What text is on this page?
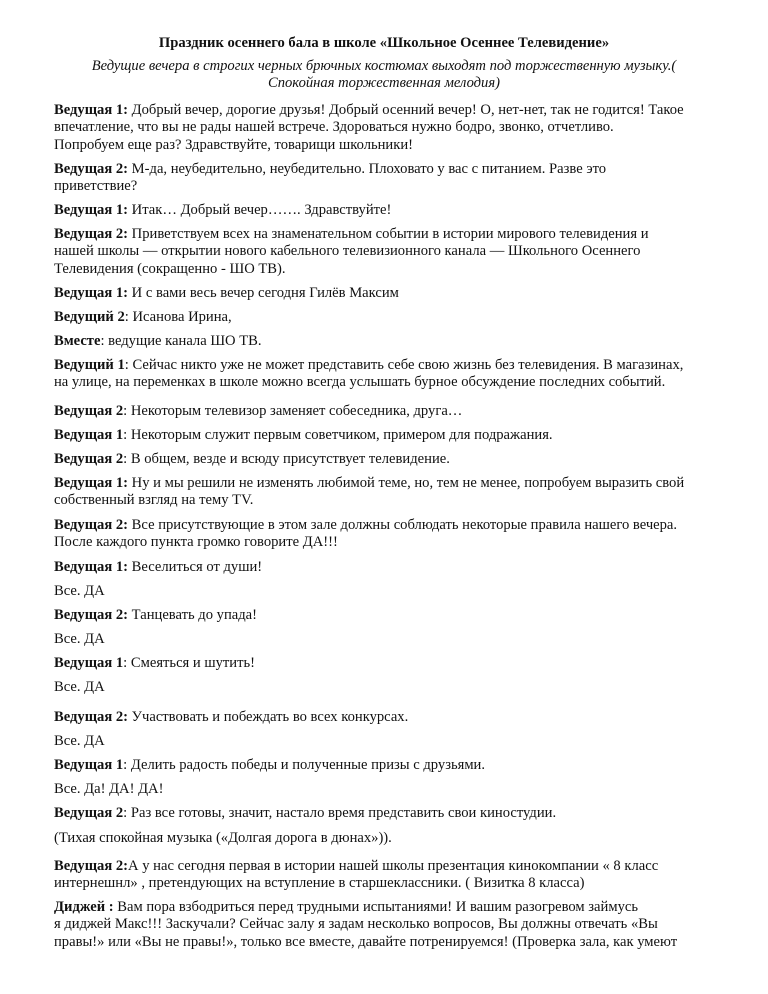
Праздник осеннего бала в школе «Школьное Осеннее Телевидение»
Ведущие вечера в строгих черных брючных костюмах выходят под торжественную музыку.(
Спокойная торжественная мелодия)
Ведущая 1: Добрый вечер, дорогие друзья! Добрый осенний вечер! О, нет-нет, так не годится! Такое
впечатление, что вы не рады нашей встрече. Здороваться нужно бодро, звонко, отчетливо.
Попробуем еще раз? Здравствуйте, товарищи школьники!
Ведущая 2: М-да, неубедительно, неубедительно. Плоховато у вас с питанием. Разве это
приветствие?
Ведущая 1: Итак… Добрый вечер……. Здравствуйте!
Ведущая 2: Приветствуем всех на знаменательном событии в истории мирового телевидения и
нашей школы — открытии нового кабельного телевизионного канала — Школьного Осеннего
Телевидения (сокращенно - ШО ТВ).
Ведущая 1: И с вами весь вечер сегодня Гилёв Максим
Ведущий 2: Исанова Ирина,
Вместе: ведущие канала ШО ТВ.
Ведущий 1: Сейчас никто уже не может представить себе свою жизнь без телевидения. В магазинах,
на улице, на переменках в школе можно всегда услышать бурное обсуждение последних событий.
Ведущая 2: Некоторым телевизор заменяет собеседника, друга…
Ведущая 1: Некоторым служит первым советчиком, примером для подражания.
Ведущая 2: В общем, везде и всюду присутствует телевидение.
Ведущая 1: Ну и мы решили не изменять любимой теме, но, тем не менее, попробуем выразить свой
собственный взгляд на тему TV.
Ведущая 2: Все присутствующие в этом зале должны соблюдать некоторые правила нашего вечера.
После каждого пункта громко говорите ДА!!!
Ведущая 1: Веселиться от души!
Все. ДА
Ведущая 2: Танцевать до упада!
Все. ДА
Ведущая 1: Смеяться и шутить!
Все. ДА
Ведущая 2: Участвовать и побеждать во всех конкурсах.
Все. ДА
Ведущая 1: Делить радость победы и полученные призы с друзьями.
Все. Да! ДА! ДА!
Ведущая 2: Раз все готовы, значит, настало время представить свои киностудии.
(Тихая спокойная музыка («Долгая дорога в дюнах»)).
Ведущая 2:А у нас сегодня первая в истории нашей школы презентация кинокомпании « 8 класс
интернешнл» , претендующих на вступление в старшеклассники. ( Визитка 8 класса)
Диджей : Вам пора взбодриться перед трудными испытаниями! И вашим разогревом займусь
я диджей Макс!!! Заскучали? Сейчас залу я задам несколько вопросов, Вы должны отвечать «Вы
правы!» или «Вы не правы!», только все вместе, давайте потренируемся! (Проверка зала, как умеют
